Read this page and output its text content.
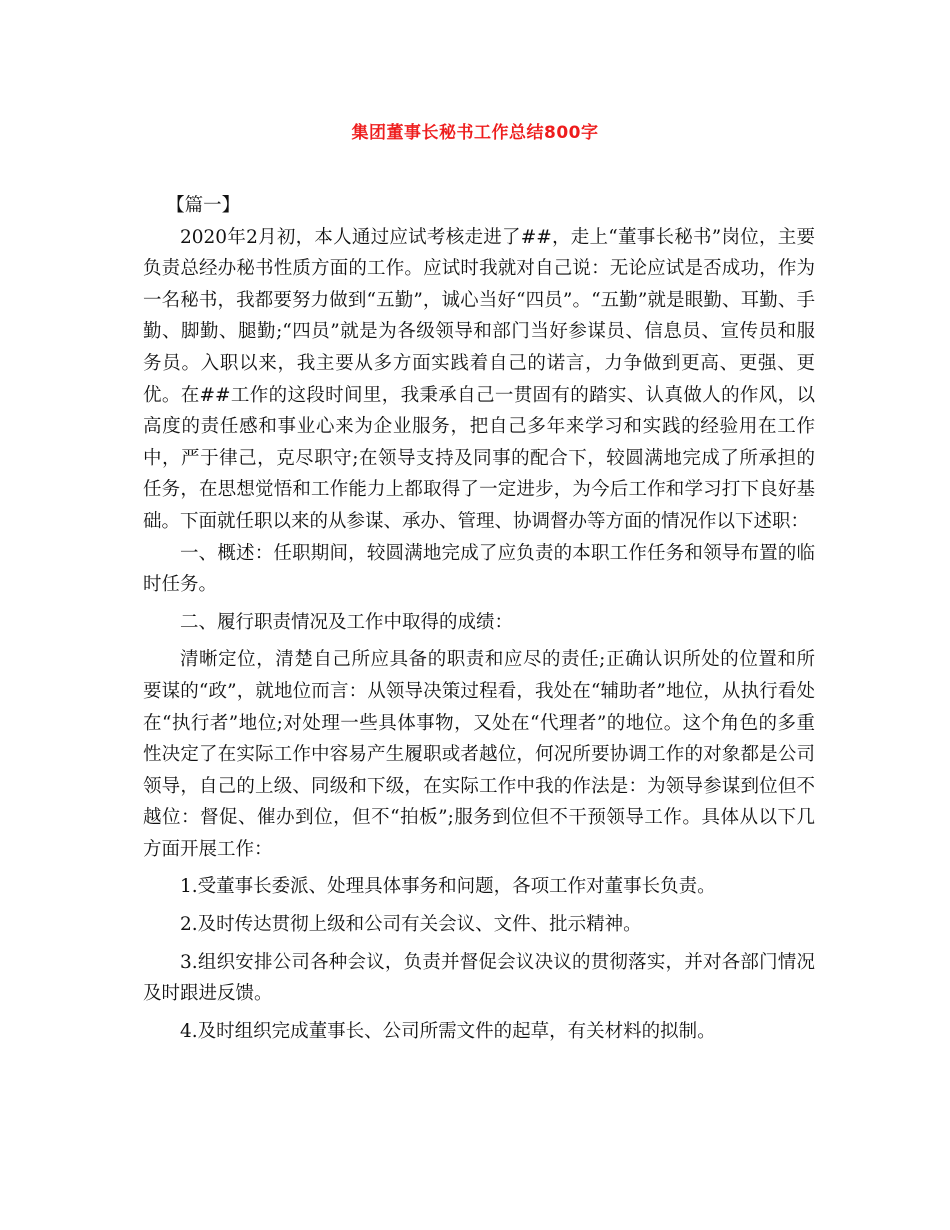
集团董事长秘书工作总结800字

【篇一】

2020年2月初，本人通过应试考核走进了##，走上“董事长秘书”岗位，主要负责总经办秘书性质方面的工作。应试时我就对自己说：无论应试是否成功，作为一名秘书，我都要努力做到“五勤”，诚心当好“四员”。“五勤”就是眼勤、耳勤、手勤、脚勤、腿勤;“四员”就是为各级领导和部门当好参谋员、信息员、宣传员和服务员。入职以来，我主要从多方面实践着自己的诺言，力争做到更高、更强、更优。在##工作的这段时间里，我秉承自己一贯固有的踏实、认真做人的作风，以高度的责任感和事业心来为企业服务，把自己多年来学习和实践的经验用在工作中，严于律己，克尽职守;在领导支持及同事的配合下，较圆满地完成了所承担的任务，在思想觉悟和工作能力上都取得了一定进步，为今后工作和学习打下良好基础。下面就任职以来的从参谋、承办、管理、协调督办等方面的情况作以下述职：

一、概述：任职期间，较圆满地完成了应负责的本职工作任务和领导布置的临时任务。

二、履行职责情况及工作中取得的成绩：

清晰定位，清楚自己所应具备的职责和应尽的责任;正确认识所处的位置和所要谋的“政”，就地位而言：从领导决策过程看，我处在“辅助者”地位，从执行看处在“执行者”地位;对处理一些具体事物，又处在“代理者”的地位。这个角色的多重性决定了在实际工作中容易产生履职或者越位，何况所要协调工作的对象都是公司领导，自己的上级、同级和下级，在实际工作中我的作法是：为领导参谋到位但不越位：督促、催办到位，但不“拍板”;服务到位但不干预领导工作。具体从以下几方面开展工作：

1.受董事长委派、处理具体事务和问题，各项工作对董事长负责。

2.及时传达贯彻上级和公司有关会议、文件、批示精神。

3.组织安排公司各种会议，负责并督促会议决议的贯彻落实，并对各部门情况及时跟进反馈。

4.及时组织完成董事长、公司所需文件的起草，有关材料的拟制。
